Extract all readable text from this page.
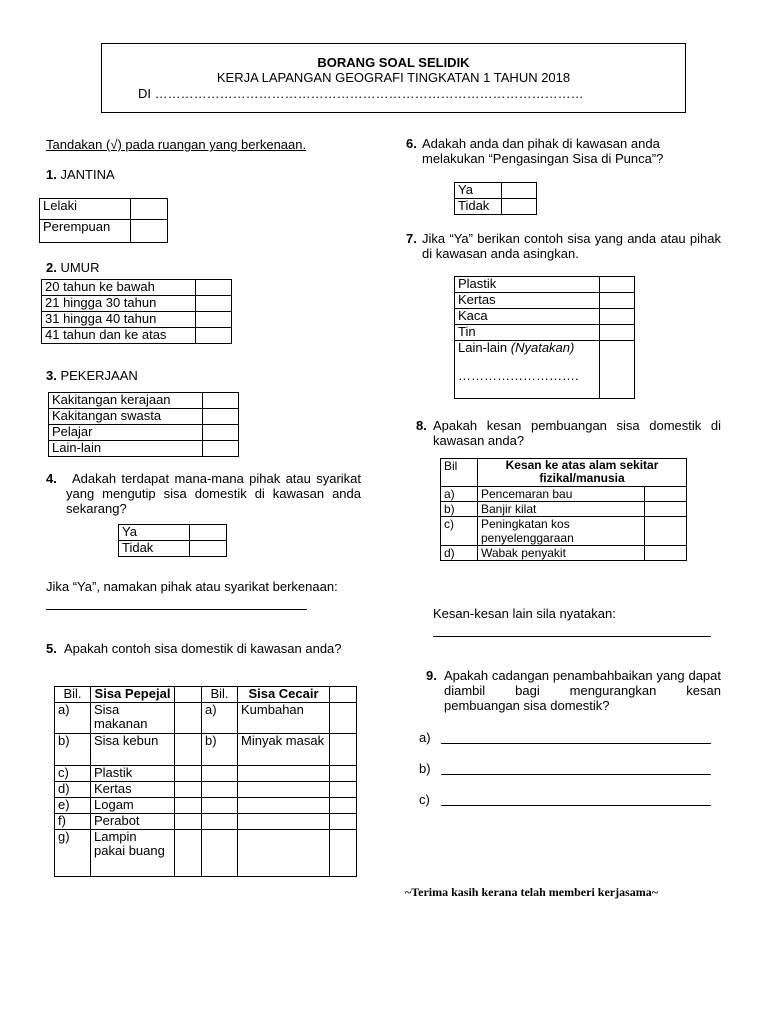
BORANG SOAL SELIDIK
KERJA LAPANGAN GEOGRAFI TINGKATAN 1 TAHUN 2018
DI ………………………………………………………………………………………
Tandakan (√) pada ruangan yang berkenaan.
1. JANTINA
Lelaki	
Perempuan	
2. UMUR
20 tahun ke bawah	
21 hingga 30 tahun	
31 hingga 40 tahun	
41 tahun dan ke atas	
3. PEKERJAAN
Kakitangan kerajaan	
Kakitangan swasta	
Pelajar	
Lain-lain	
4.	Adakah terdapat mana-mana pihak atau syarikat yang mengutip sisa domestik di kawasan anda sekarang?
Ya	
Tidak	
Jika “Ya”, namakan pihak atau syarikat berkenaan:
5. Apakah contoh sisa domestik di kawasan anda?
Bil.	Sisa Pepejal		Bil.	Sisa Cecair	
a)	Sisa makanan		a)	Kumbahan	
b)	Sisa kebun		b)	Minyak masak	
c)	Plastik				
d)	Kertas				
e)	Logam				
f)	Perabot				
g)	Lampin pakai buang				
6. Adakah anda dan pihak di kawasan anda melakukan “Pengasingan Sisa di Punca”?
Ya	
Tidak	
7. Jika “Ya” berikan contoh sisa yang anda atau pihak di kawasan anda asingkan.
Plastik	
Kertas	
Kaca	
Tin	
Lain-lain (Nyatakan)

……………………….	
8. Apakah kesan pembuangan sisa domestik di kawasan anda?
Bil	Kesan ke atas alam sekitar fizikal/manusia	
a)	Pencemaran bau	
b)	Banjir kilat	
c)	Peningkatan kos penyelenggaraan	
d)	Wabak penyakit	
Kesan-kesan lain sila nyatakan:
9. Apakah cadangan penambahbaikan yang dapat diambil bagi mengurangkan kesan pembuangan sisa domestik?
a)
b)
c)
~Terima kasih kerana telah memberi kerjasama~
